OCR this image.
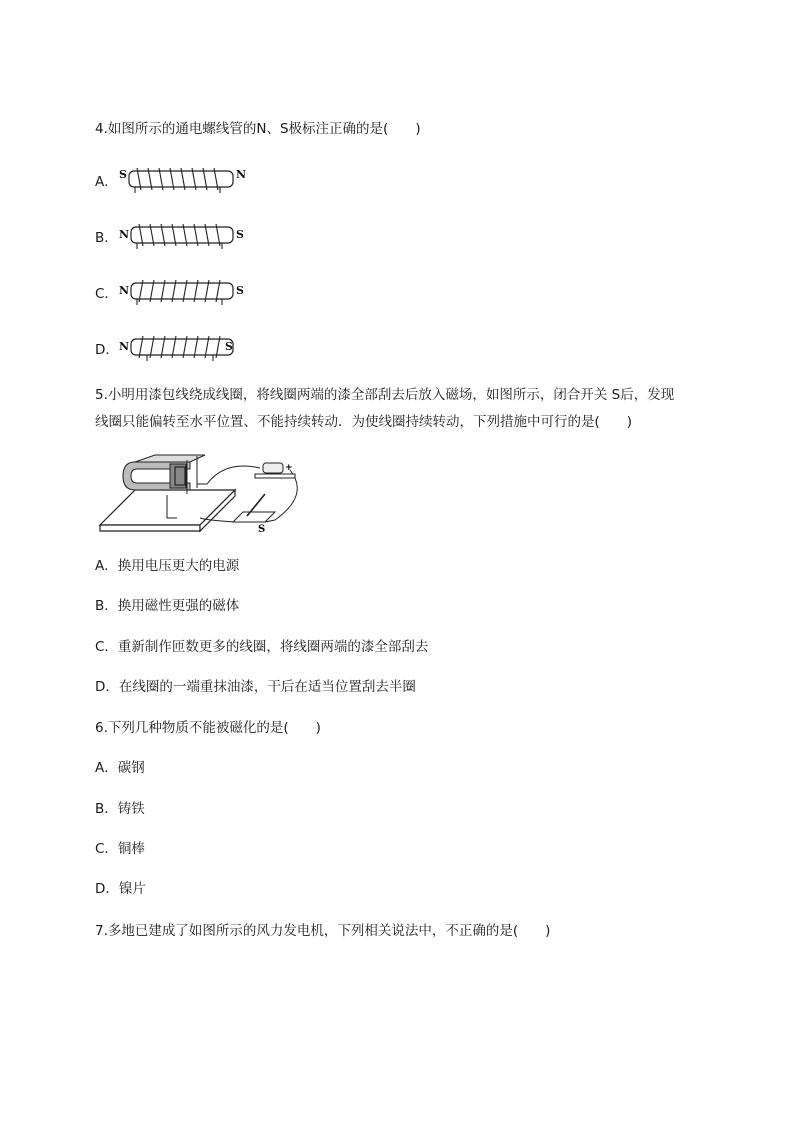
4.如图所示的通电螺线管的N、S极标注正确的是(　　)
A． S	N
B． N	S
C． N	S
D． N	S
5.小明用漆包线绕成线圈，将线圈两端的漆全部刮去后放入磁场，如图所示，闭合开关 S后，发现
线圈只能偏转至水平位置、不能持续转动．为使线圈持续转动，下列措施中可行的是(　　)
+
S
A．换用电压更大的电源
B．换用磁性更强的磁体
C．重新制作匝数更多的线圈，将线圈两端的漆全部刮去
D．在线圈的一端重抹油漆，干后在适当位置刮去半圈
6.下列几种物质不能被磁化的是(　　)
A．碳钢
B．铸铁
C．铜棒
D．镍片
7.多地已建成了如图所示的风力发电机，下列相关说法中，不正确的是(　　)
